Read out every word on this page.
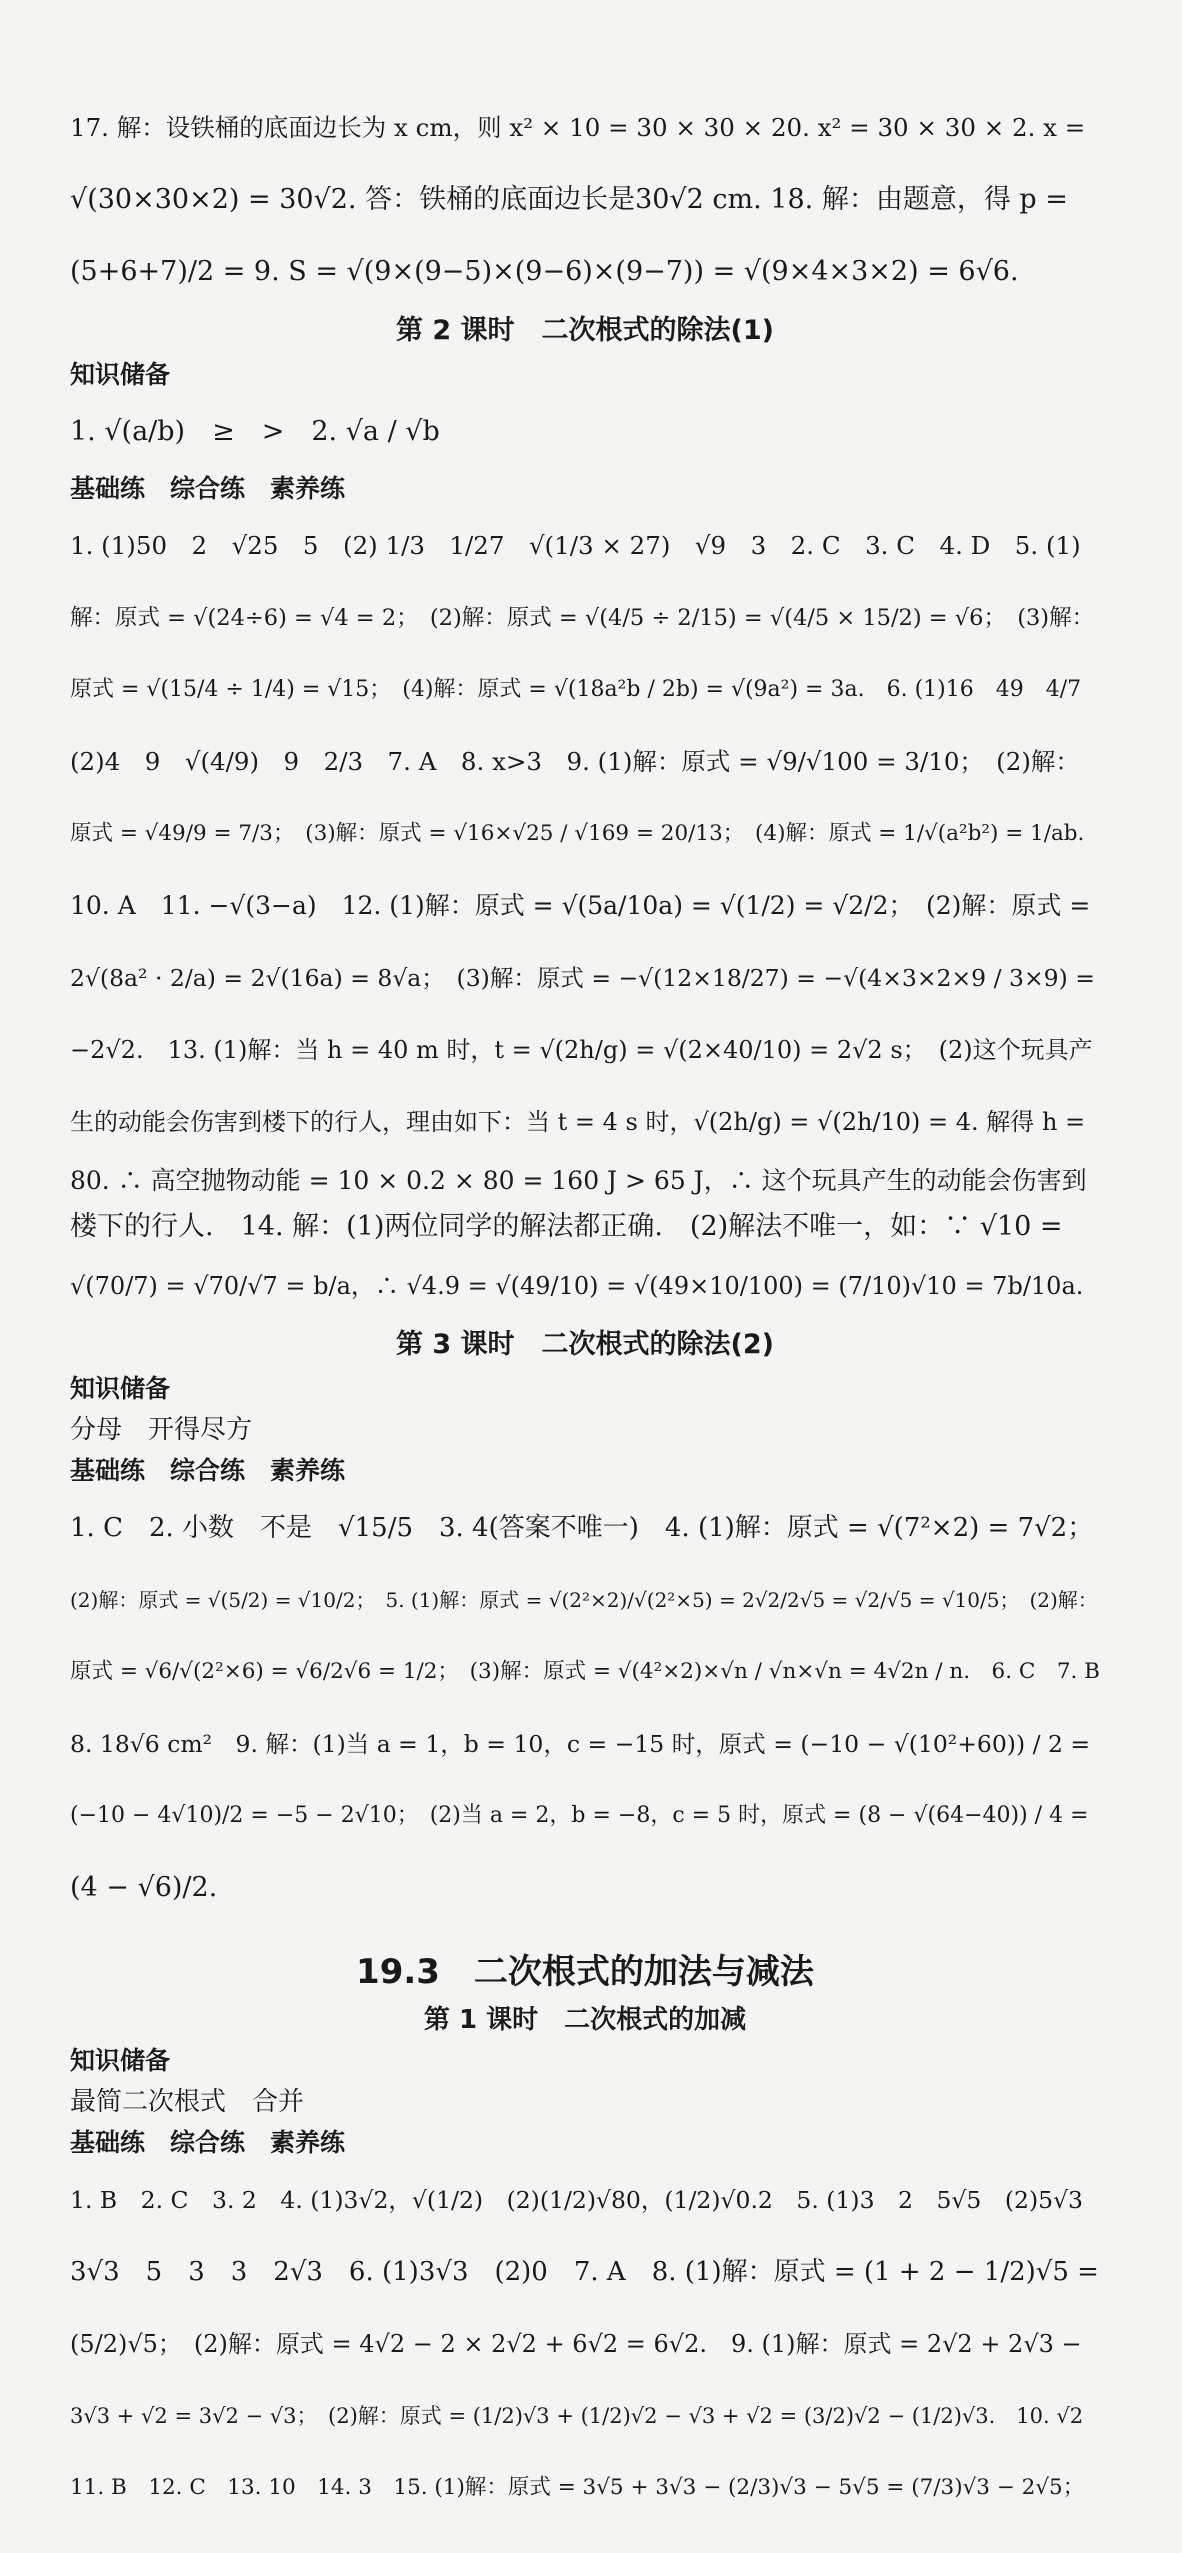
17. 解：设铁桶的底面边长为 x cm，则 x² × 10 = 30 × 30 × 20. x² = 30 × 30 × 2. x =
√(30×30×2) = 30√2. 答：铁桶的底面边长是30√2 cm. 18. 解：由题意，得 p =
(5+6+7)/2 = 9. S = √(9×(9−5)×(9−6)×(9−7)) = √(9×4×3×2) = 6√6.
第 2 课时　二次根式的除法(1)
知识储备
1. √(a/b)　≥　>　2. √a / √b
基础练　综合练　素养练
1. (1)50　2　√25　5　(2) 1/3　1/27　√(1/3 × 27)　√9　3　2. C　3. C　4. D　5. (1)
解：原式 = √(24÷6) = √4 = 2；　(2)解：原式 = √(4/5 ÷ 2/15) = √(4/5 × 15/2) = √6；　(3)解：
原式 = √(15/4 ÷ 1/4) = √15；　(4)解：原式 = √(18a²b / 2b) = √(9a²) = 3a.　6. (1)16　49　4/7
(2)4　9　√(4/9)　9　2/3　7. A　8. x>3　9. (1)解：原式 = √9/√100 = 3/10；　(2)解：
原式 = √49/9 = 7/3；　(3)解：原式 = √16×√25 / √169 = 20/13；　(4)解：原式 = 1/√(a²b²) = 1/ab.
10. A　11. −√(3−a)　12. (1)解：原式 = √(5a/10a) = √(1/2) = √2/2；　(2)解：原式 =
2√(8a² · 2/a) = 2√(16a) = 8√a；　(3)解：原式 = −√(12×18/27) = −√(4×3×2×9 / 3×9) =
−2√2.　13. (1)解：当 h = 40 m 时，t = √(2h/g) = √(2×40/10) = 2√2 s；　(2)这个玩具产
生的动能会伤害到楼下的行人，理由如下：当 t = 4 s 时，√(2h/g) = √(2h/10) = 4. 解得 h =
80. ∴ 高空抛物动能 = 10 × 0.2 × 80 = 160 J > 65 J，∴ 这个玩具产生的动能会伤害到
楼下的行人.　14. 解：(1)两位同学的解法都正确.　(2)解法不唯一，如：∵ √10 =
√(70/7) = √70/√7 = b/a，∴ √4.9 = √(49/10) = √(49×10/100) = (7/10)√10 = 7b/10a.
第 3 课时　二次根式的除法(2)
知识储备
分母　开得尽方
基础练　综合练　素养练
1. C　2. 小数　不是　√15/5　3. 4(答案不唯一)　4. (1)解：原式 = √(7²×2) = 7√2；
(2)解：原式 = √(5/2) = √10/2；　5. (1)解：原式 = √(2²×2)/√(2²×5) = 2√2/2√5 = √2/√5 = √10/5；　(2)解：
原式 = √6/√(2²×6) = √6/2√6 = 1/2；　(3)解：原式 = √(4²×2)×√n / √n×√n = 4√2n / n.　6. C　7. B
8. 18√6 cm²　9. 解：(1)当 a = 1，b = 10，c = −15 时，原式 = (−10 − √(10²+60)) / 2 =
(−10 − 4√10)/2 = −5 − 2√10；　(2)当 a = 2，b = −8，c = 5 时，原式 = (8 − √(64−40)) / 4 =
(4 − √6)/2.
19.3　二次根式的加法与减法
第 1 课时　二次根式的加减
知识储备
最简二次根式　合并
基础练　综合练　素养练
1. B　2. C　3. 2　4. (1)3√2，√(1/2)　(2)(1/2)√80，(1/2)√0.2　5. (1)3　2　5√5　(2)5√3
3√3　5　3　3　2√3　6. (1)3√3　(2)0　7. A　8. (1)解：原式 = (1 + 2 − 1/2)√5 =
(5/2)√5；　(2)解：原式 = 4√2 − 2 × 2√2 + 6√2 = 6√2.　9. (1)解：原式 = 2√2 + 2√3 −
3√3 + √2 = 3√2 − √3；　(2)解：原式 = (1/2)√3 + (1/2)√2 − √3 + √2 = (3/2)√2 − (1/2)√3.　10. √2
11. B　12. C　13. 10　14. 3　15. (1)解：原式 = 3√5 + 3√3 − (2/3)√3 − 5√5 = (7/3)√3 − 2√5；
